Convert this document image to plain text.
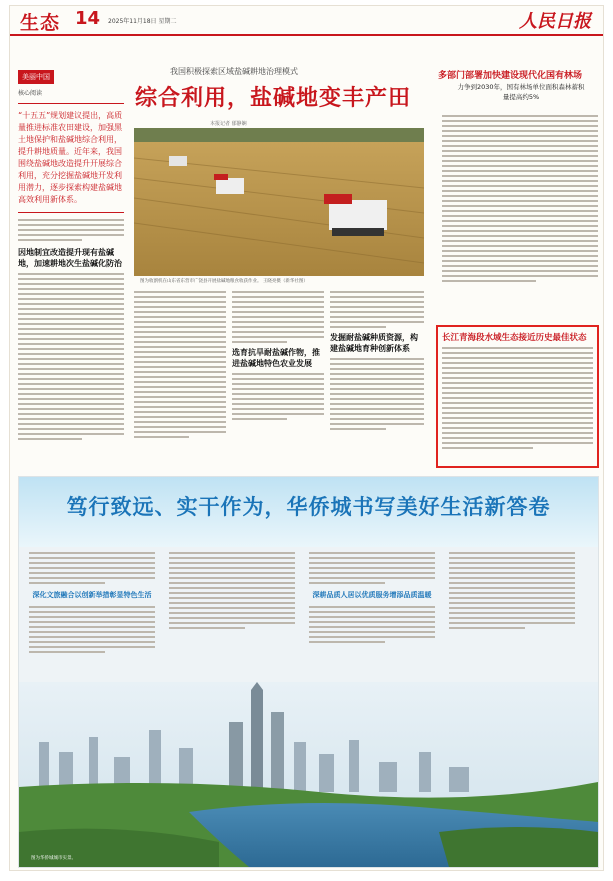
生态 14 2025年11月18日 星期二	人民日报
美丽中国
核心阅读
“十五五”规划建议提出，高质量推进标准农田建设，加强黑土地保护和盐碱地综合利用，提升耕地质量。近年来，我国围绕盐碱地改造提升开展综合利用，充分挖掘盐碱地开发利用潜力，逐步探索构建盐碱地高效利用新体系。
因地制宜改造提升现有盐碱地，加速耕地次生盐碱化防治
我国积极探索区域盐碱耕地治理模式
综合利用，盐碱地变丰产田
本报记者 郁静娴
图为收割机在山东省东营市广饶县开展盐碱地粮食收获作业。 王晓亮摄（新华社图）
选育抗旱耐盐碱作物，推进盐碱地特色农业发展
发掘耐盐碱种质资源，构建盐碱地育种创新体系
多部门部署加快建设现代化国有林场
力争到2030年，国有林场单位面积森林蓄积量提高约5%
长江青海段水域生态接近历史最佳状态
笃行致远、实干作为，华侨城书写美好生活新答卷
深化文旅融合以创新举措彰显特色生活	深耕品质人居以优质服务增添品质温暖
图为华侨城城市实景。
